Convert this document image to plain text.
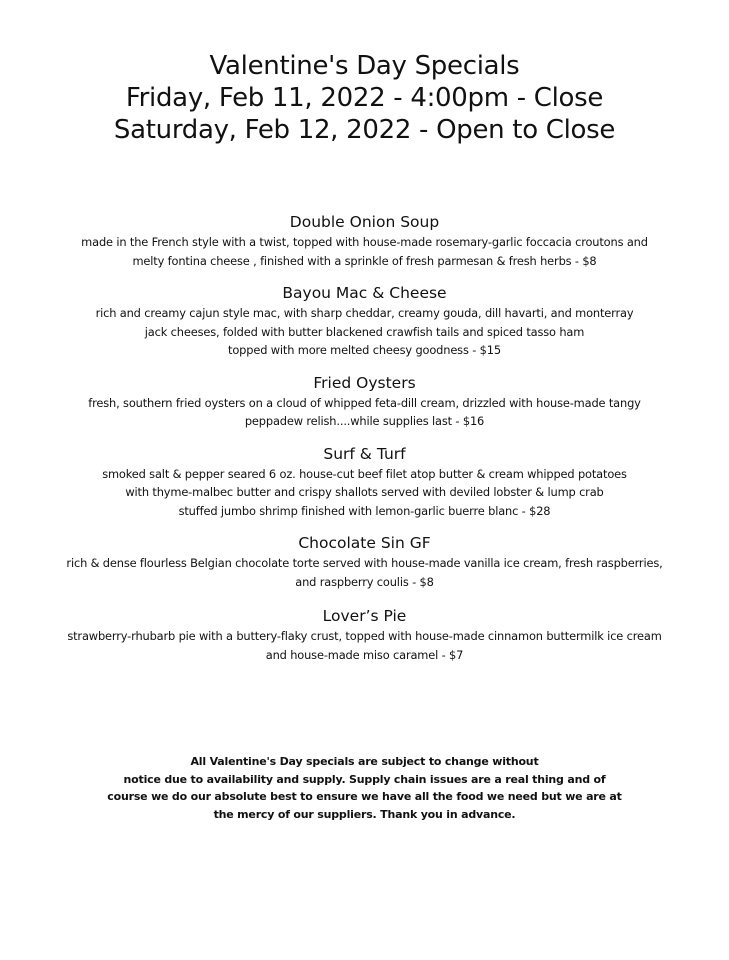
Valentine's Day Specials
Friday, Feb 11, 2022 - 4:00pm - Close
Saturday, Feb 12, 2022 - Open to Close
Double Onion Soup
made in the French style with a twist, topped with house-made rosemary-garlic foccacia croutons and
melty fontina cheese , finished with a sprinkle of fresh parmesan & fresh herbs - $8
Bayou Mac & Cheese
rich and creamy cajun style mac, with sharp cheddar, creamy gouda, dill havarti, and monterray
jack cheeses, folded with butter blackened crawfish tails and spiced tasso ham
topped with more melted cheesy goodness - $15
Fried Oysters
fresh, southern fried oysters on a cloud of whipped feta-dill cream, drizzled with house-made tangy
peppadew relish....while supplies last - $16
Surf & Turf
smoked salt & pepper seared 6 oz. house-cut beef filet atop butter & cream whipped potatoes
with thyme-malbec butter and crispy shallots served with deviled lobster & lump crab
stuffed jumbo shrimp finished with lemon-garlic buerre blanc - $28
Chocolate Sin GF
rich & dense flourless Belgian chocolate torte served with house-made vanilla ice cream, fresh raspberries,
and raspberry coulis - $8
Lover’s Pie
strawberry-rhubarb pie with a buttery-flaky crust, topped with house-made cinnamon buttermilk ice cream
and house-made miso caramel - $7
All Valentine's Day specials are subject to change without
notice due to availability and supply. Supply chain issues are a real thing and of
course we do our absolute best to ensure we have all the food we need but we are at
the mercy of our suppliers. Thank you in advance.
